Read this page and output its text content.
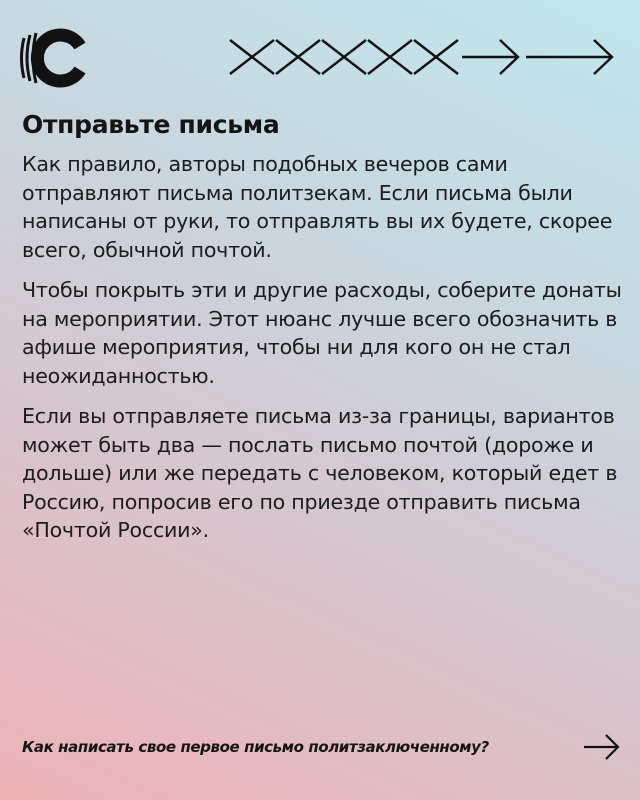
Отправьте письма

Как правило, авторы подобных вечеров сами отправляют письма политзекам. Если письма были написаны от руки, то отправлять вы их будете, скорее всего, обычной почтой.

Чтобы покрыть эти и другие расходы, соберите донаты на мероприятии. Этот нюанс лучше всего обозначить в афише мероприятия, чтобы ни для кого он не стал неожиданностью.

Если вы отправляете письма из-за границы, вариантов может быть два — послать письмо почтой (дороже и дольше) или же передать с человеком, который едет в Россию, попросив его по приезде отправить письма «Почтой России».

Как написать свое первое письмо политзаключенному?
